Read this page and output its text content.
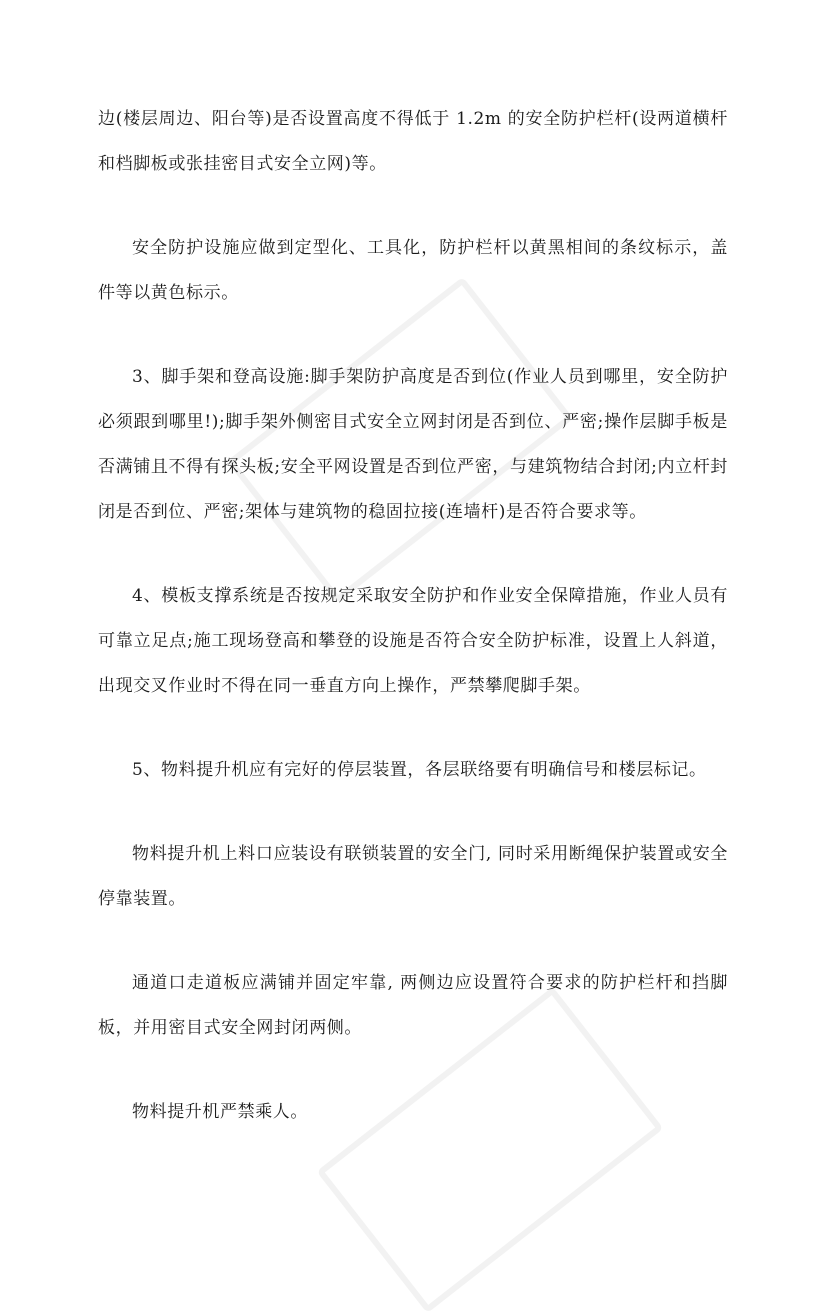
边(楼层周边、阳台等)是否设置高度不得低于 1.2m 的安全防护栏杆(设两道横杆和档脚板或张挂密目式安全立网)等。

安全防护设施应做到定型化、工具化，防护栏杆以黄黑相间的条纹标示，盖件等以黄色标示。

3、脚手架和登高设施:脚手架防护高度是否到位(作业人员到哪里，安全防护必须跟到哪里!);脚手架外侧密目式安全立网封闭是否到位、严密;操作层脚手板是否满铺且不得有探头板;安全平网设置是否到位严密，与建筑物结合封闭;内立杆封闭是否到位、严密;架体与建筑物的稳固拉接(连墙杆)是否符合要求等。

4、模板支撑系统是否按规定采取安全防护和作业安全保障措施，作业人员有可靠立足点;施工现场登高和攀登的设施是否符合安全防护标准，设置上人斜道，出现交叉作业时不得在同一垂直方向上操作，严禁攀爬脚手架。

5、物料提升机应有完好的停层装置，各层联络要有明确信号和楼层标记。

物料提升机上料口应装设有联锁装置的安全门, 同时采用断绳保护装置或安全停靠装置。

通道口走道板应满铺并固定牢靠, 两侧边应设置符合要求的防护栏杆和挡脚板，并用密目式安全网封闭两侧。

物料提升机严禁乘人。
